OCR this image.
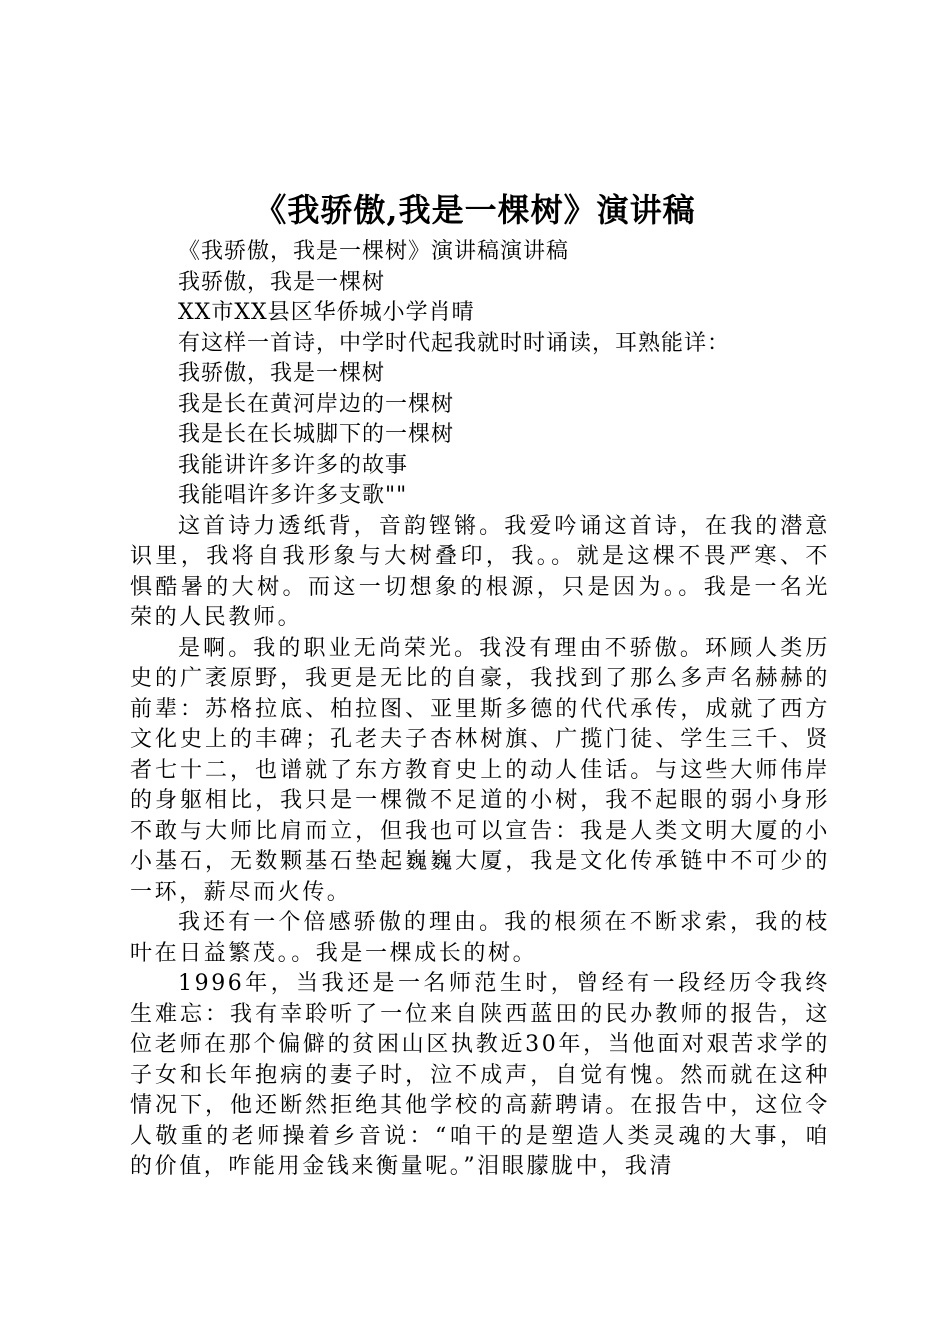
《我骄傲,我是一棵树》演讲稿

《我骄傲，我是一棵树》演讲稿演讲稿

我骄傲，我是一棵树

XX市XX县区华侨城小学肖晴

有这样一首诗，中学时代起我就时时诵读，耳熟能详：

我骄傲，我是一棵树

我是长在黄河岸边的一棵树

我是长在长城脚下的一棵树

我能讲许多许多的故事

我能唱许多许多支歌""

这首诗力透纸背，音韵铿锵。我爱吟诵这首诗，在我的潜意识里，我将自我形象与大树叠印，我。。就是这棵不畏严寒、不惧酷暑的大树。而这一切想象的根源，只是因为。。我是一名光荣的人民教师。

是啊。我的职业无尚荣光。我没有理由不骄傲。环顾人类历史的广袤原野，我更是无比的自豪，我找到了那么多声名赫赫的前辈：苏格拉底、柏拉图、亚里斯多德的代代承传，成就了西方文化史上的丰碑；孔老夫子杏林树旗、广揽门徒、学生三千、贤者七十二，也谱就了东方教育史上的动人佳话。与这些大师伟岸的身躯相比，我只是一棵微不足道的小树，我不起眼的弱小身形不敢与大师比肩而立，但我也可以宣告：我是人类文明大厦的小小基石，无数颗基石垫起巍巍大厦，我是文化传承链中不可少的一环，薪尽而火传。

我还有一个倍感骄傲的理由。我的根须在不断求索，我的枝叶在日益繁茂。。我是一棵成长的树。

1996年，当我还是一名师范生时，曾经有一段经历令我终生难忘：我有幸聆听了一位来自陕西蓝田的民办教师的报告，这位老师在那个偏僻的贫困山区执教近30年，当他面对艰苦求学的子女和长年抱病的妻子时，泣不成声，自觉有愧。然而就在这种情况下，他还断然拒绝其他学校的高薪聘请。在报告中，这位令人敬重的老师操着乡音说：“咱干的是塑造人类灵魂的大事，咱的价值，咋能用金钱来衡量呢。”泪眼朦胧中，我清
